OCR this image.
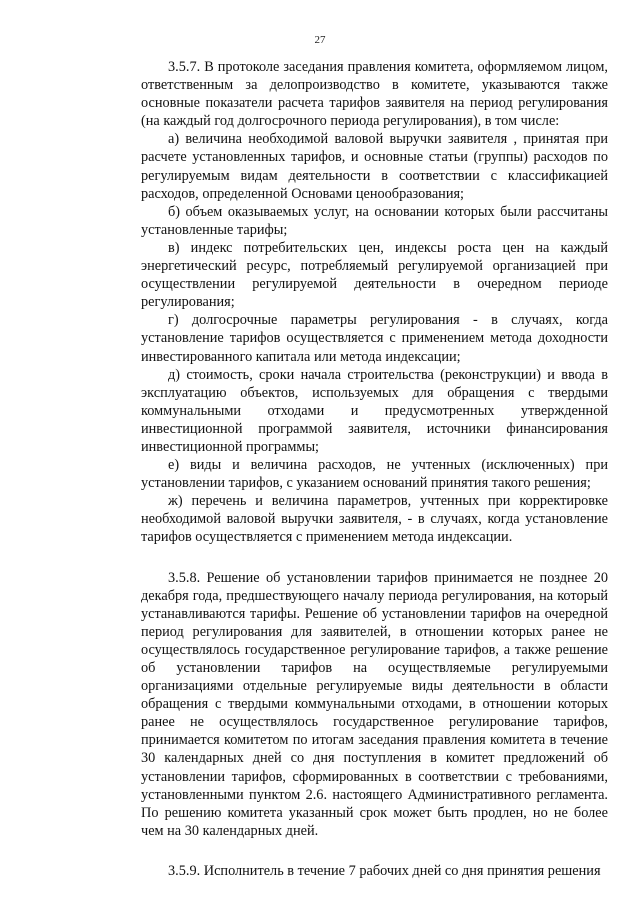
27

3.5.7. В протоколе заседания правления комитета, оформляемом лицом, ответственным за делопроизводство в комитете, указываются также основные показатели расчета тарифов заявителя на период регулирования (на каждый год долгосрочного периода регулирования), в том числе:

а) величина необходимой валовой выручки заявителя , принятая при расчете установленных тарифов, и основные статьи (группы) расходов по регулируемым видам деятельности в соответствии с классификацией расходов, определенной Основами ценообразования;

б) объем оказываемых услуг, на основании которых были рассчитаны установленные тарифы;

в) индекс потребительских цен, индексы роста цен на каждый энергетический ресурс, потребляемый регулируемой организацией при осуществлении регулируемой деятельности в очередном периоде регулирования;

г) долгосрочные параметры регулирования - в случаях, когда установление тарифов осуществляется с применением метода доходности инвестированного капитала или метода индексации;

д) стоимость, сроки начала строительства (реконструкции) и ввода в эксплуатацию объектов, используемых для обращения с твердыми коммунальными отходами и предусмотренных утвержденной инвестиционной программой заявителя, источники финансирования инвестиционной программы;

е) виды и величина расходов, не учтенных (исключенных) при установлении тарифов, с указанием оснований принятия такого решения;

ж) перечень и величина параметров, учтенных при корректировке необходимой валовой выручки заявителя, - в случаях, когда установление тарифов осуществляется с применением метода индексации.

3.5.8. Решение об установлении тарифов принимается не позднее 20 декабря года, предшествующего началу периода регулирования, на который устанавливаются тарифы. Решение об установлении тарифов на очередной период регулирования для заявителей, в отношении которых ранее не осуществлялось государственное регулирование тарифов, а также решение об установлении тарифов на осуществляемые регулируемыми организациями отдельные регулируемые виды деятельности в области обращения с твердыми коммунальными отходами, в отношении которых ранее не осуществлялось государственное регулирование тарифов, принимается комитетом по итогам заседания правления комитета в течение 30 календарных дней со дня поступления в комитет предложений об установлении тарифов, сформированных в соответствии с требованиями, установленными пунктом 2.6. настоящего Административного регламента. По решению комитета указанный срок может быть продлен, но не более чем на 30 календарных дней.

3.5.9. Исполнитель в течение 7 рабочих дней со дня принятия решения
